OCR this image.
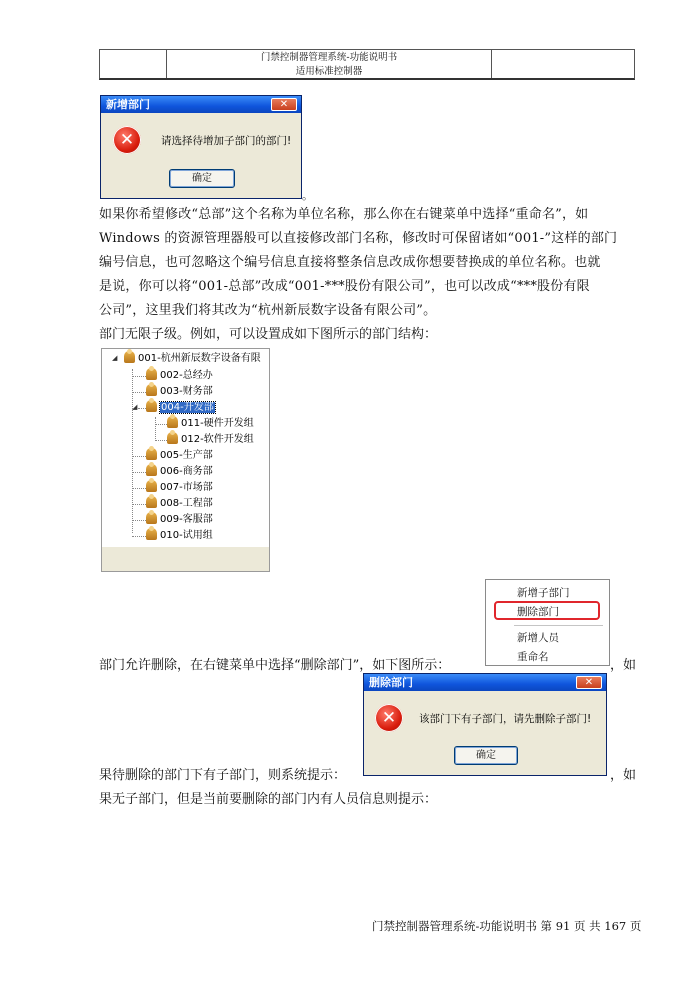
门禁控制器管理系统-功能说明书
适用标准控制器
新增部门	✕
✕	请选择待增加子部门的部门!
确定
。
如果你希望修改“总部”这个名称为单位名称，那么你在右键菜单中选择“重命名”，如
Windows 的资源管理器般可以直接修改部门名称，修改时可保留诸如“001-”这样的部门
编号信息，也可忽略这个编号信息直接将整条信息改成你想要替换成的单位名称。也就
是说，你可以将“001-总部”改成“001-***股份有限公司”，也可以改成“***股份有限
公司”，这里我们将其改为“杭州新辰数字设备有限公司”。
部门无限子级。例如，可以设置成如下图所示的部门结构：
◢	001-杭州新辰数字设备有限
002-总经办
003-财务部
◢	004-开发部
011-硬件开发组
012-软件开发组
005-生产部
006-商务部
007-市场部
008-工程部
009-客服部
010-试用组
新增子部门
删除部门
新增人员
重命名
部门允许删除，在右键菜单中选择“删除部门”，如下图所示：	，如
删除部门	✕
✕	该部门下有子部门，请先删除子部门!
确定
果待删除的部门下有子部门，则系统提示：	，如
果无子部门，但是当前要删除的部门内有人员信息则提示：
门禁控制器管理系统-功能说明书 第 91 页 共 167 页
